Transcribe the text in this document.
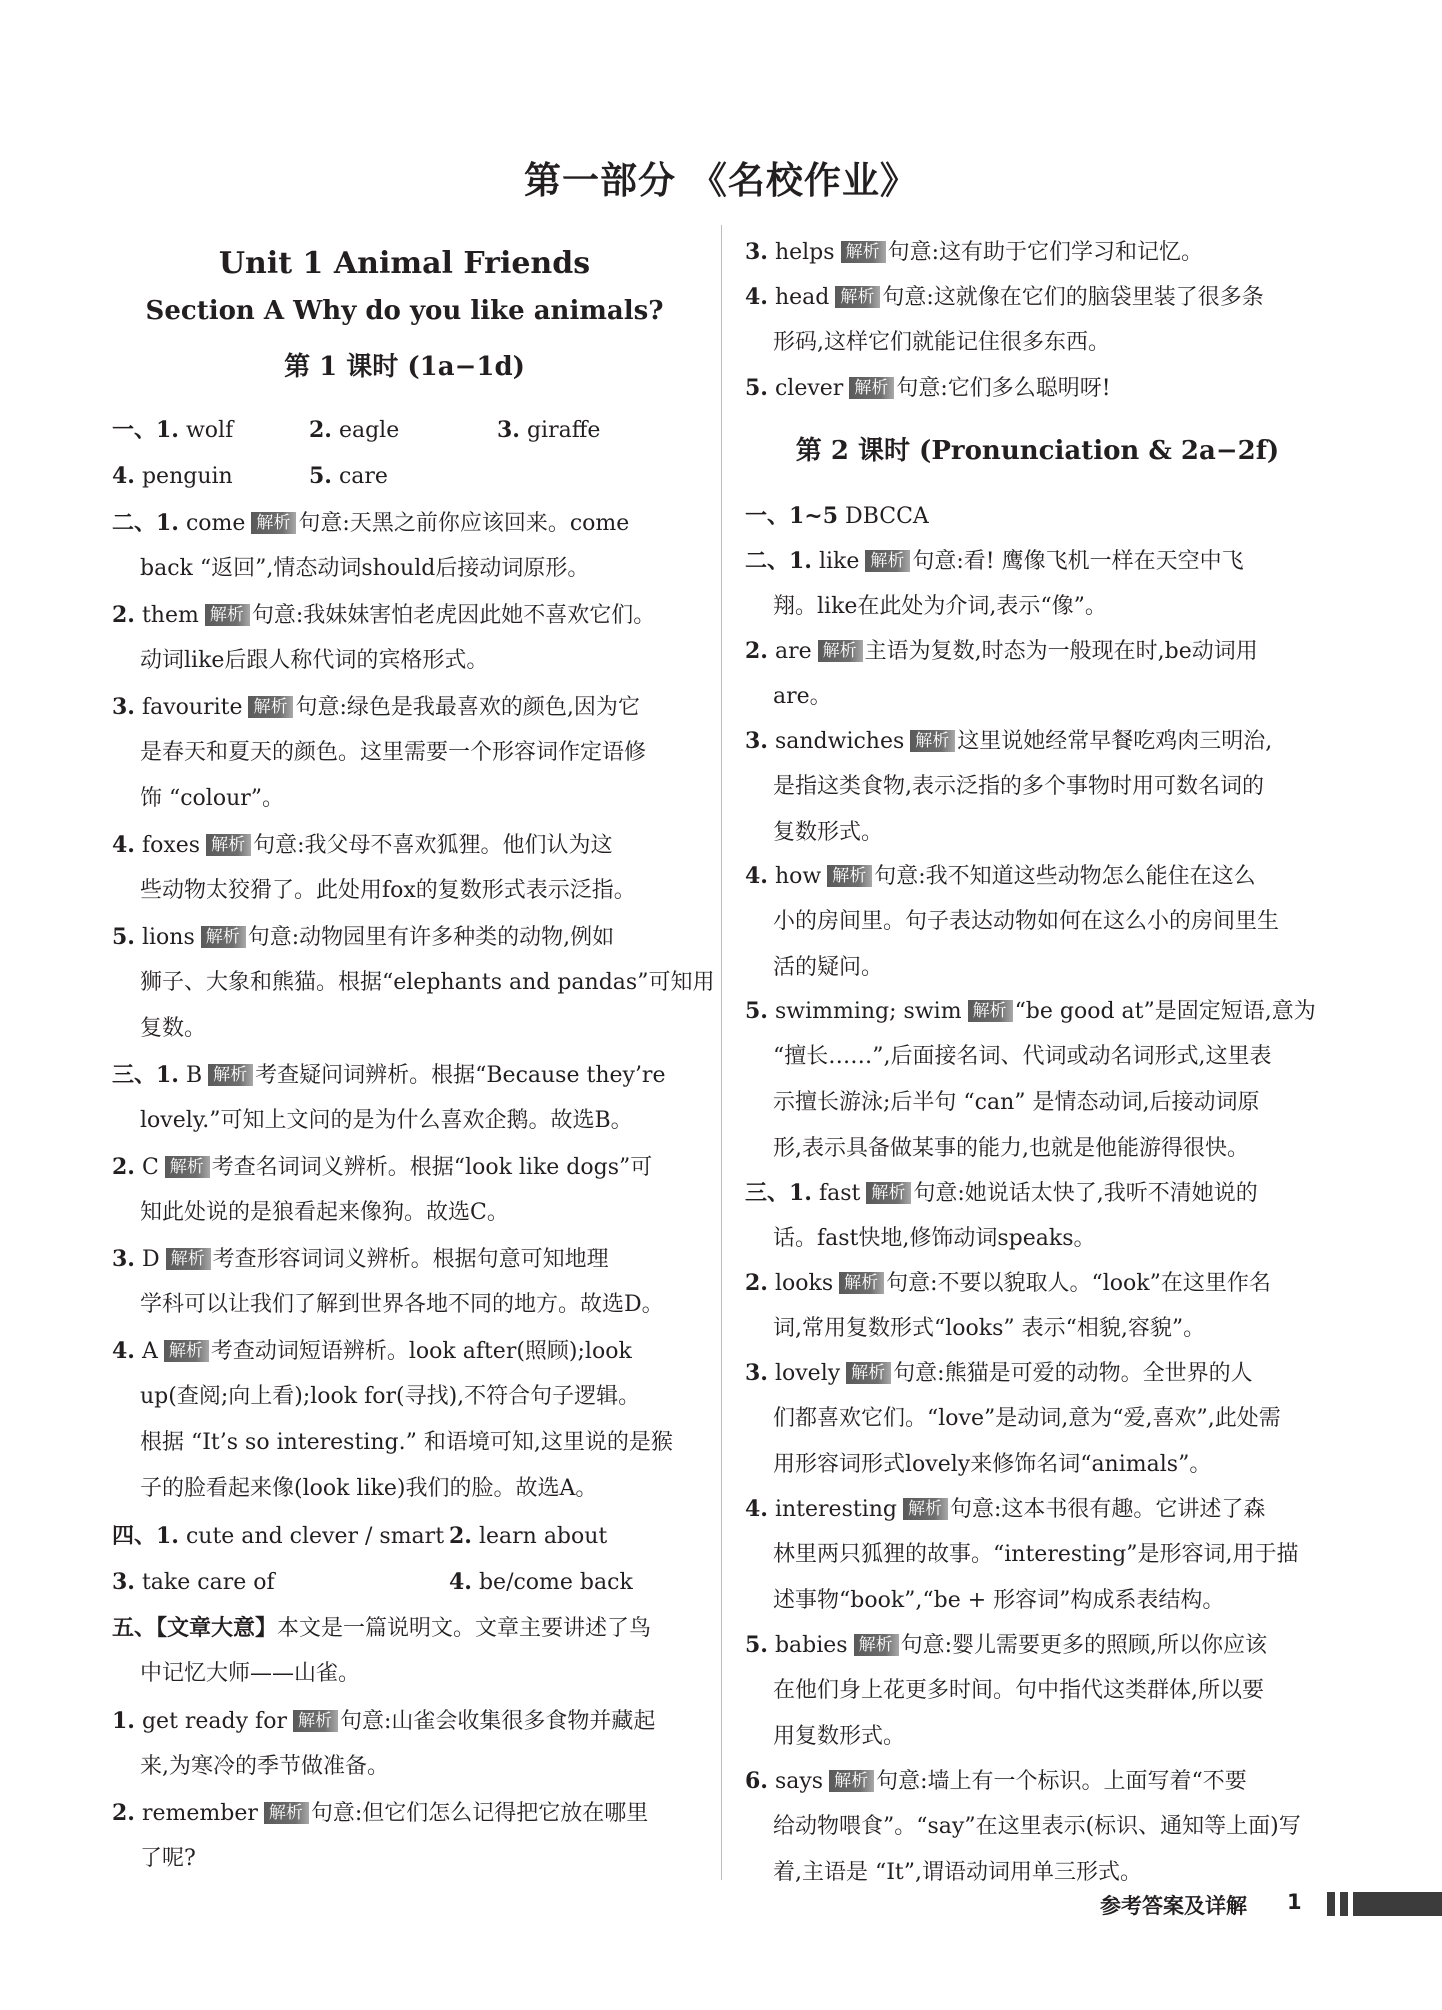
第一部分 《名校作业》
Unit 1 Animal Friends
Section A Why do you like animals?
第 1 课时 (1a−1d)
一、1. wolf	2. eagle	3. giraffe
4. penguin	5. care
二、1. come 解析 句意:天黑之前你应该回来。come
back “返回”,情态动词should后接动词原形。
2. them 解析 句意:我妹妹害怕老虎因此她不喜欢它们。
动词like后跟人称代词的宾格形式。
3. favourite 解析 句意:绿色是我最喜欢的颜色,因为它
是春天和夏天的颜色。这里需要一个形容词作定语修
饰 “colour”。
4. foxes 解析 句意:我父母不喜欢狐狸。他们认为这
些动物太狡猾了。此处用fox的复数形式表示泛指。
5. lions 解析 句意:动物园里有许多种类的动物,例如
狮子、大象和熊猫。根据“elephants and pandas”可知用
复数。
三、1. B 解析 考查疑问词辨析。根据“Because they’re
lovely.”可知上文问的是为什么喜欢企鹅。故选B。
2. C 解析 考查名词词义辨析。根据“look like dogs”可
知此处说的是狼看起来像狗。故选C。
3. D 解析 考查形容词词义辨析。根据句意可知地理
学科可以让我们了解到世界各地不同的地方。故选D。
4. A 解析 考查动词短语辨析。look after(照顾);look
up(查阅;向上看);look for(寻找),不符合句子逻辑。
根据 “It’s so interesting.” 和语境可知,这里说的是猴
子的脸看起来像(look like)我们的脸。故选A。
四、1. cute and clever / smart 2. learn about
3. take care of	4. be/come back
五、【文章大意】本文是一篇说明文。文章主要讲述了鸟
中记忆大师——山雀。
1. get ready for 解析 句意:山雀会收集很多食物并藏起
来,为寒冷的季节做准备。
2. remember 解析 句意:但它们怎么记得把它放在哪里
了呢?
3. helps 解析 句意:这有助于它们学习和记忆。
4. head 解析 句意:这就像在它们的脑袋里装了很多条
形码,这样它们就能记住很多东西。
5. clever 解析 句意:它们多么聪明呀!
第 2 课时 (Pronunciation & 2a−2f)
一、1~5 DBCCA
二、1. like 解析 句意:看! 鹰像飞机一样在天空中飞
翔。like在此处为介词,表示“像”。
2. are 解析 主语为复数,时态为一般现在时,be动词用
are。
3. sandwiches 解析 这里说她经常早餐吃鸡肉三明治,
是指这类食物,表示泛指的多个事物时用可数名词的
复数形式。
4. how 解析 句意:我不知道这些动物怎么能住在这么
小的房间里。句子表达动物如何在这么小的房间里生
活的疑问。
5. swimming; swim 解析 “be good at”是固定短语,意为
“擅长……”,后面接名词、代词或动名词形式,这里表
示擅长游泳;后半句 “can” 是情态动词,后接动词原
形,表示具备做某事的能力,也就是他能游得很快。
三、1. fast 解析 句意:她说话太快了,我听不清她说的
话。fast快地,修饰动词speaks。
2. looks 解析 句意:不要以貌取人。“look”在这里作名
词,常用复数形式“looks” 表示“相貌,容貌”。
3. lovely 解析 句意:熊猫是可爱的动物。全世界的人
们都喜欢它们。“love”是动词,意为“爱,喜欢”,此处需
用形容词形式lovely来修饰名词“animals”。
4. interesting 解析 句意:这本书很有趣。它讲述了森
林里两只狐狸的故事。“interesting”是形容词,用于描
述事物“book”,“be + 形容词”构成系表结构。
5. babies 解析 句意:婴儿需要更多的照顾,所以你应该
在他们身上花更多时间。句中指代这类群体,所以要
用复数形式。
6. says 解析 句意:墙上有一个标识。上面写着“不要
给动物喂食”。“say”在这里表示(标识、通知等上面)写
着,主语是 “It”,谓语动词用单三形式。
参考答案及详解 1
